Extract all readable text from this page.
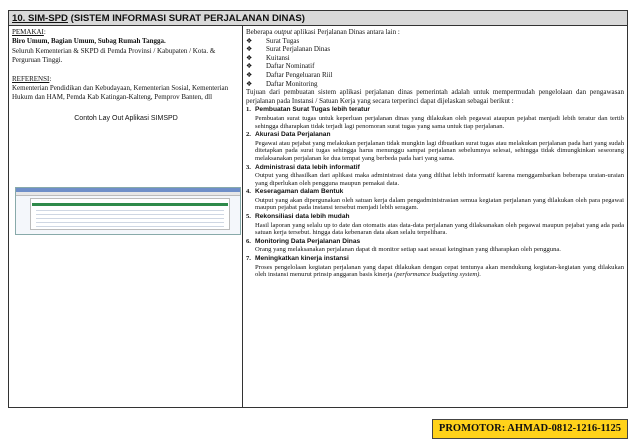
10. SIM-SPD (SISTEM INFORMASI SURAT PERJALANAN DINAS)
PEMAKAI:
Biro Umum, Bagian Umum, Subag Rumah Tangga.
Seluruh Kementerian & SKPD di Pemda Provinsi / Kabupaten / Kota. & Perguruan Tinggi.
REFERENSI:
Kementerian Pendidikan dan Kebudayaan, Kementerian Sosial, Kementerian Hukum dan HAM, Pemda Kab Katingan-Kalteng, Pemprov Banten, dll
Contoh Lay Out Aplikasi SIMSPD

Beberapa output aplikasi Perjalanan Dinas antara lain :

❖	Surat Tugas
❖	Surat Perjalanan Dinas
❖	Kuitansi
❖	Daftar Nominatif
❖	Daftar Pengeluaran Riil
❖	Daftar Monitoring

Tujuan dari pembuatan sistem aplikasi perjalanan dinas pemerintah adalah untuk mempermudah pengelolaan dan pengawasan perjalanan pada Instansi / Satuan Kerja yang secara terperinci dapat dijelaskan sebagai berikut :

1. Pembuatan Surat Tugas lebih teratur
Pembuatan surat tugas untuk keperluan perjalanan dinas yang dilakukan oleh pegawai ataupun pejabat menjadi lebih teratur dan tertib sehingga diharapkan tidak terjadi lagi penomoran surat tugas yang sama untuk tiap perjalanan.
2. Akurasi Data Perjalanan
Pegawai atau pejabat yang melakukan perjalanan tidak mungkin lagi dibuatkan surat tugas atau melakukan perjalanan pada hari yang sudah ditetapkan pada surat tugas sehingga harus menunggu sampai perjalanan sebelumnya selesai, sehingga tidak dimungkinkan seseorang melaksanakan perjalanan ke dua tempat yang berbeda pada hari yang sama.
3. Administrasi data lebih informatif
Output yang dihasilkan dari aplikasi maka administrasi data yang dilihat lebih informatif karena menggambarkan beberapa uraian-uraian yang diperlukan oleh pengguna maupun pemakai data.
4. Keseragaman dalam Bentuk
Output yang akan dipergunakan oleh satuan kerja dalam pengadministrasian semua kegiatan perjalanan yang dilakukan oleh para pegawai maupun pejabat pada instansi tersebut menjadi lebih seragam.
5. Rekonsiliasi data lebih mudah
Hasil laporan yang selalu up to date dan otomatis atas data-data perjalanan yang dilaksanakan oleh pegawai maupun pejabat yang ada pada satuan kerja tersebut. hingga data kebenaran data akan selalu terpelihara.
6. Monitoring Data Perjalanan Dinas
Orang yang melaksanakan perjalanan dapat di monitor setiap saat sesuai keinginan yang diharapkan oleh pengguna.
7. Meningkatkan kinerja instansi
Proses pengelolaan kegiatan perjalanan yang dapat dilakukan dengan cepat tentunya akan mendukung kegiatan-kegiatan yang dilakukan oleh instansi menurut prinsip anggaran basis kinerja (performance budgeting system).
PROMOTOR: AHMAD-0812-1216-1125
